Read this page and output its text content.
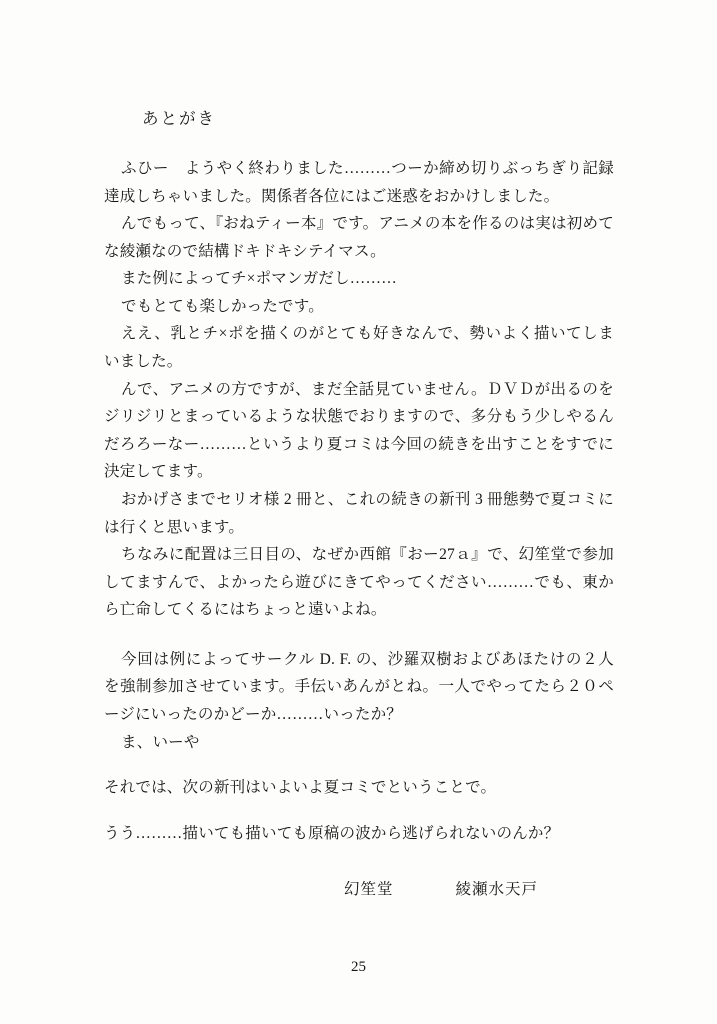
あとがき

ふひー　ようやく終わりました………つーか締め切りぶっちぎり記録達成しちゃいました。関係者各位にはご迷惑をおかけしました。

んでもって、『おねティー本』です。アニメの本を作るのは実は初めてな綾瀬なので結構ドキドキシテイマス。

また例によってチ×ポマンガだし………

でもとても楽しかったです。

ええ、乳とチ×ポを描くのがとても好きなんで、勢いよく描いてしまいました。

んで、アニメの方ですが、まだ全話見ていません。ＤＶＤが出るのをジリジリとまっているような状態でおりますので、多分もう少しやるんだろろーなー………というより夏コミは今回の続きを出すことをすでに決定してます。

おかげさまでセリオ様 2 冊と、これの続きの新刊 3 冊態勢で夏コミには行くと思います。

ちなみに配置は三日目の、なぜか西館『おー27ａ』で、幻笙堂で参加してますんで、よかったら遊びにきてやってください………でも、東から亡命してくるにはちょっと遠いよね。

今回は例によってサークル D. F. の、沙羅双樹およびあほたけの２人を強制参加させています。手伝いあんがとね。一人でやってたら２０ページにいったのかどーか………いったか？

ま、いーや

それでは、次の新刊はいよいよ夏コミでということで。
うう………描いても描いても原稿の波から逃げられないのんか？
幻笙堂	綾瀬水天戸
25
